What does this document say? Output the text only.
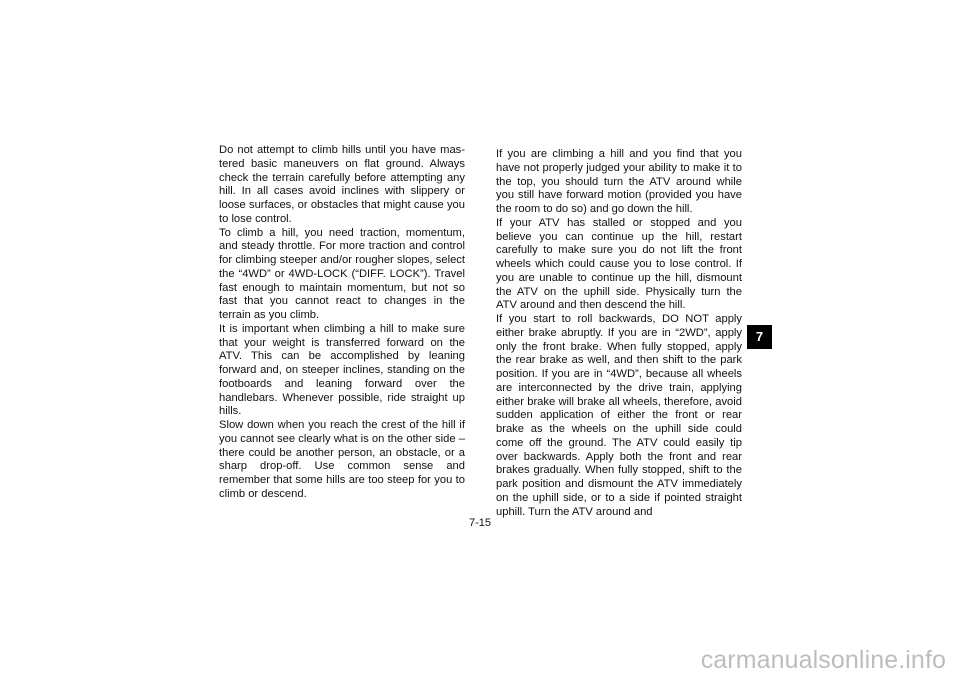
Do not attempt to climb hills until you have mastered basic maneuvers on flat ground. Always check the terrain carefully before attempting any hill. In all cases avoid inclines with slippery or loose surfaces, or obstacles that might cause you to lose control.

To climb a hill, you need traction, momentum, and steady throttle. For more traction and control for climbing steeper and/or rougher slopes, select the “4WD” or 4WD-LOCK (“DIFF. LOCK”). Travel fast enough to maintain momentum, but not so fast that you cannot react to changes in the terrain as you climb.

It is important when climbing a hill to make sure that your weight is transferred forward on the ATV. This can be accomplished by leaning forward and, on steeper inclines, standing on the footboards and leaning forward over the handlebars. Whenever possible, ride straight up hills.

Slow down when you reach the crest of the hill if you cannot see clearly what is on the other side – there could be another person, an obstacle, or a sharp drop-off. Use common sense and remember that some hills are too steep for you to climb or descend.

If you are climbing a hill and you find that you have not properly judged your ability to make it to the top, you should turn the ATV around while you still have forward motion (provided you have the room to do so) and go down the hill.

If your ATV has stalled or stopped and you believe you can continue up the hill, restart carefully to make sure you do not lift the front wheels which could cause you to lose control. If you are unable to continue up the hill, dismount the ATV on the uphill side. Physically turn the ATV around and then descend the hill.

If you start to roll backwards, DO NOT apply either brake abruptly. If you are in “2WD”, apply only the front brake. When fully stopped, apply the rear brake as well, and then shift to the park position. If you are in “4WD”, because all wheels are interconnected by the drive train, applying either brake will brake all wheels, therefore, avoid sudden application of either the front or rear brake as the wheels on the uphill side could come off the ground. The ATV could easily tip over backwards. Apply both the front and rear brakes gradually. When fully stopped, shift to the park position and dismount the ATV immediately on the uphill side, or to a side if pointed straight uphill. Turn the ATV around and

7
7-15
carmanualsonline.info
